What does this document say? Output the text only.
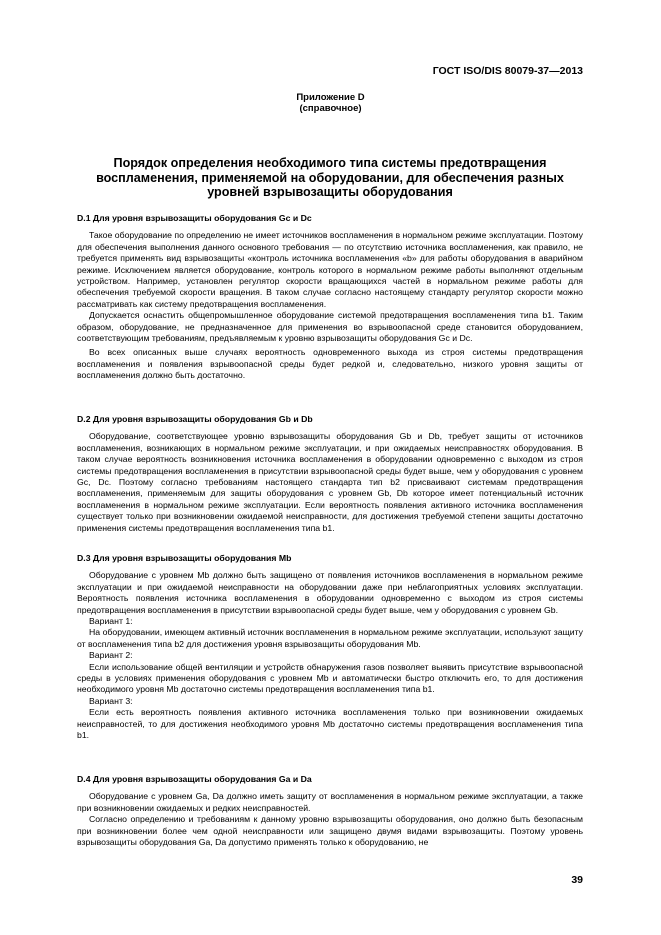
ГОСТ ISO/DIS 80079-37—2013
Приложение D
(справочное)
Порядок определения необходимого типа системы предотвращения воспламенения, применяемой на оборудовании, для обеспечения разных уровней взрывозащиты оборудования

D.1 Для уровня взрывозащиты оборудования Gc и Dc

Такое оборудование по определению не имеет источников воспламенения в нормальном режиме эксплуатации. Поэтому для обеспечения выполнения данного основного требования — по отсутствию источника воспламенения, как правило, не требуется применять вид взрывозащиты «контроль источника воспламенения «b» для работы оборудования в аварийном режиме. Исключением является оборудование, контроль которого в нормальном режиме работы выполняют отдельным устройством. Например, установлен регулятор скорости вращающихся частей в нормальном режиме работы для обеспечения требуемой скорости вращения. В таком случае согласно настоящему стандарту регулятор скорости можно рассматривать как систему предотвращения воспламенения.

Допускается оснастить общепромышленное оборудование системой предотвращения воспламенения типа b1. Таким образом, оборудование, не предназначенное для применения во взрывоопасной среде становится оборудованием, соответствующим требованиям, предъявляемым к уровню взрывозащиты оборудования Gc и Dc.

Во всех описанных выше случаях вероятность одновременного выхода из строя системы предотвращения воспламенения и появления взрывоопасной среды будет редкой и, следовательно, низкого уровня защиты от воспламенения должно быть достаточно.

D.2 Для уровня взрывозащиты оборудования Gb и Db

Оборудование, соответствующее уровню взрывозащиты оборудования Gb и Db, требует защиты от источников воспламенения, возникающих в нормальном режиме эксплуатации, и при ожидаемых неисправностях оборудования. В таком случае вероятность возникновения источника воспламенения в оборудовании одновременно с выходом из строя системы предотвращения воспламенения в присутствии взрывоопасной среды будет выше, чем у оборудования с уровнем Gc, Dc. Поэтому согласно требованиям настоящего стандарта тип b2 присваивают системам предотвращения воспламенения, применяемым для защиты оборудования с уровнем Gb, Db которое имеет потенциальный источник воспламенения в нормальном режиме эксплуатации. Если вероятность появления активного источника воспламенения существует только при возникновении ожидаемой неисправности, для достижения требуемой степени защиты достаточно применения системы предотвращения воспламенения типа b1.

D.3 Для уровня взрывозащиты оборудования Mb

Оборудование с уровнем Mb должно быть защищено от появления источников воспламенения в нормальном режиме эксплуатации и при ожидаемой неисправности на оборудовании даже при неблагоприятных условиях эксплуатации. Вероятность появления источника воспламенения в оборудовании одновременно с выходом из строя системы предотвращения воспламенения в присутствии взрывоопасной среды будет выше, чем у оборудования с уровнем Gb.

Вариант 1:

На оборудовании, имеющем активный источник воспламенения в нормальном режиме эксплуатации, используют защиту от воспламенения типа b2 для достижения уровня взрывозащиты оборудования Mb.

Вариант 2:

Если использование общей вентиляции и устройств обнаружения газов позволяет выявить присутствие взрывоопасной среды в условиях применения оборудования с уровнем Mb и автоматически быстро отключить его, то для достижения необходимого уровня Mb достаточно системы предотвращения воспламенения типа b1.

Вариант 3:

Если есть вероятность появления активного источника воспламенения только при возникновении ожидаемых неисправностей, то для достижения необходимого уровня Mb достаточно системы предотвращения воспламенения типа b1.

D.4 Для уровня взрывозащиты оборудования Ga и Da

Оборудование с уровнем Ga, Da должно иметь защиту от воспламенения в нормальном режиме эксплуатации, а также при возникновении ожидаемых и редких неисправностей.

Согласно определению и требованиям к данному уровню взрывозащиты оборудования, оно должно быть безопасным при возникновении более чем одной неисправности или защищено двумя видами взрывозащиты. Поэтому уровень взрывозащиты оборудования Ga, Da допустимо применять только к оборудованию, не

39
